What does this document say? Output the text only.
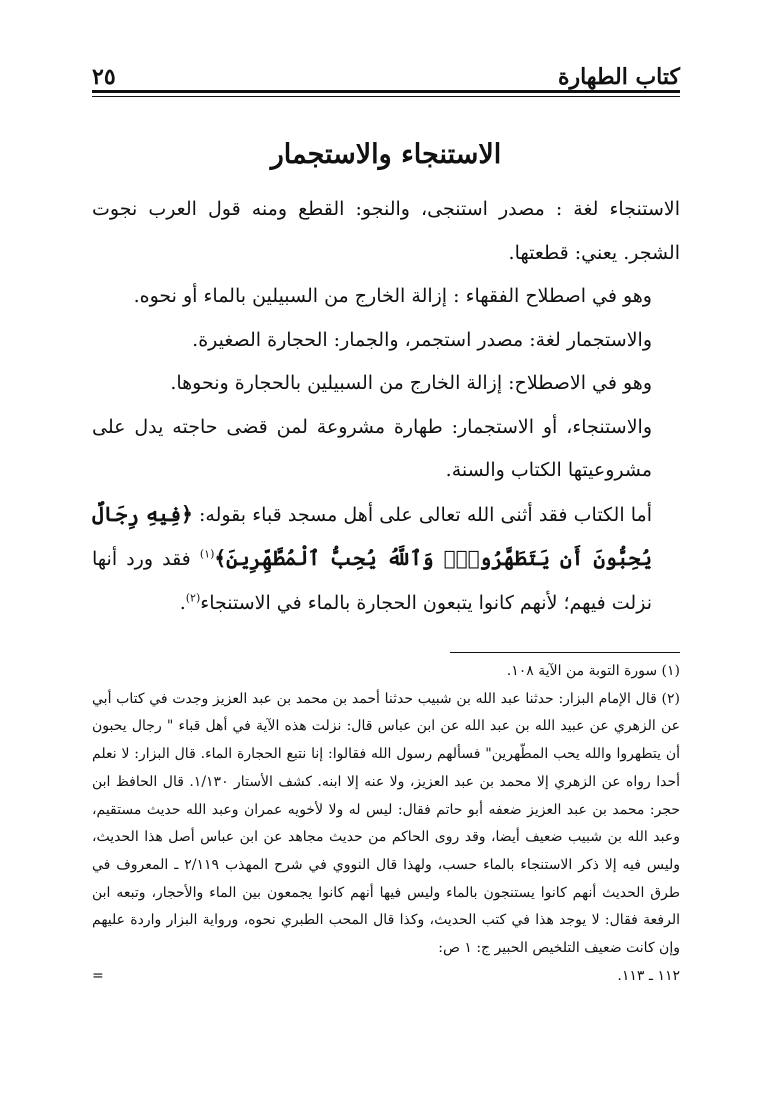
كتاب الطهارة
٢٥
الاستنجاء والاستجمار

الاستنجاء لغة : مصدر استنجى، والنجو: القطع ومنه قول العرب نجوت الشجر. يعني: قطعتها.

وهو في اصطلاح الفقهاء : إزالة الخارج من السبيلين بالماء أو نحوه.

والاستجمار لغة: مصدر استجمر، والجمار: الحجارة الصغيرة.

وهو في الاصطلاح: إزالة الخارج من السبيلين بالحجارة ونحوها.

والاستنجاء، أو الاستجمار: طهارة مشروعة لمن قضى حاجته يدل على مشروعيتها الكتاب والسنة.

أما الكتاب فقد أثنى الله تعالى على أهل مسجد قباء بقوله: ﴿فِيهِ رِجَالٌ يُحِبُّونَ أَن يَتَطَهَّرُواْۚ وَٱللَّهُ يُحِبُّ ٱلْمُطَّهِّرِينَ﴾$^{(١)}$ فقد ورد أنها نزلت فيهم؛ لأنهم كانوا يتبعون الحجارة بالماء في الاستنجاء$^{(٢)}$.

(١) سورة التوبة من الآية ١٠٨.

(٢) قال الإمام البزار: حدثنا عبد الله بن شبيب حدثنا أحمد بن محمد بن عبد العزيز وجدت في كتاب أبي عن الزهري عن عبيد الله بن عبد الله عن ابن عباس قال: نزلت هذه الآية في أهل قباء " رجال يحبون أن يتطهروا والله يحب المطّهرين" فسألهم رسول الله فقالوا: إنا نتبع الحجارة الماء. قال البزار: لا نعلم أحدا رواه عن الزهري إلا محمد بن عبد العزيز، ولا عنه إلا ابنه. كشف الأستار ١/١٣٠. قال الحافظ ابن حجر: محمد بن عبد العزيز ضعفه أبو حاتم فقال: ليس له ولا لأخويه عمران وعبد الله حديث مستقيم، وعبد الله بن شبيب ضعيف أيضا، وقد روى الحاكم من حديث مجاهد عن ابن عباس أصل هذا الحديث، وليس فيه إلا ذكر الاستنجاء بالماء حسب، ولهذا قال النووي في شرح المهذب ٢/١١٩ ـ المعروف في طرق الحديث أنهم كانوا يستنجون بالماء وليس فيها أنهم كانوا يجمعون بين الماء والأحجار، وتبعه ابن الرفعة فقال: لا يوجد هذا في كتب الحديث، وكذا قال المحب الطبري نحوه، ورواية البزار واردة عليهم وإن كانت ضعيف التلخيص الحبير ج: ١ ص:

١١٢ ـ ١١٣.
=
